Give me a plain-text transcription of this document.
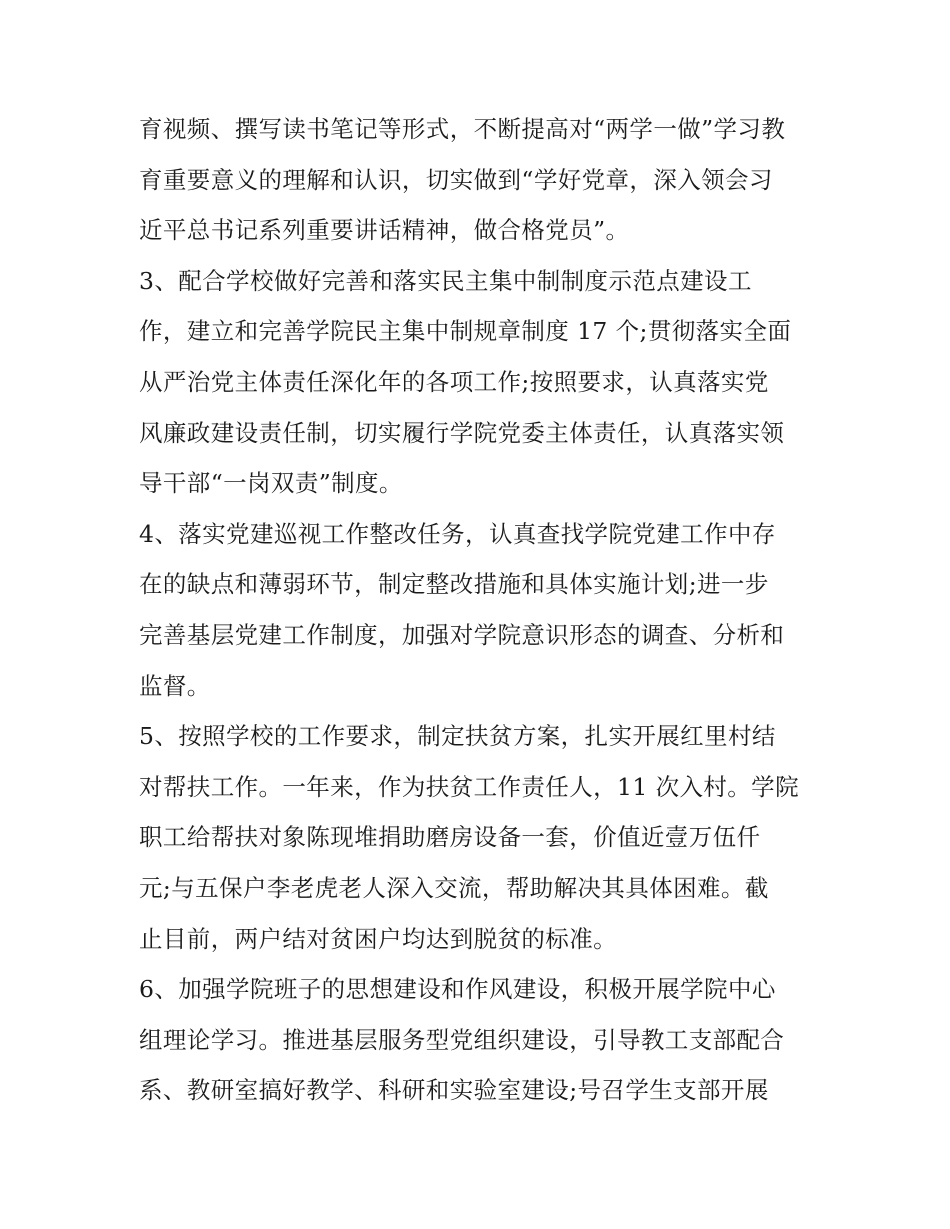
育视频、撰写读书笔记等形式，不断提高对“两学一做”学习教
育重要意义的理解和认识，切实做到“学好党章，深入领会习
近平总书记系列重要讲话精神，做合格党员”。
3、配合学校做好完善和落实民主集中制制度示范点建设工
作，建立和完善学院民主集中制规章制度 17 个;贯彻落实全面
从严治党主体责任深化年的各项工作;按照要求，认真落实党
风廉政建设责任制，切实履行学院党委主体责任，认真落实领
导干部“一岗双责”制度。
4、落实党建巡视工作整改任务，认真查找学院党建工作中存
在的缺点和薄弱环节，制定整改措施和具体实施计划;进一步
完善基层党建工作制度，加强对学院意识形态的调查、分析和
监督。
5、按照学校的工作要求，制定扶贫方案，扎实开展红里村结
对帮扶工作。一年来，作为扶贫工作责任人，11 次入村。学院
职工给帮扶对象陈现堆捐助磨房设备一套，价值近壹万伍仟
元;与五保户李老虎老人深入交流，帮助解决其具体困难。截
止目前，两户结对贫困户均达到脱贫的标准。
6、加强学院班子的思想建设和作风建设，积极开展学院中心
组理论学习。推进基层服务型党组织建设，引导教工支部配合
系、教研室搞好教学、科研和实验室建设;号召学生支部开展
